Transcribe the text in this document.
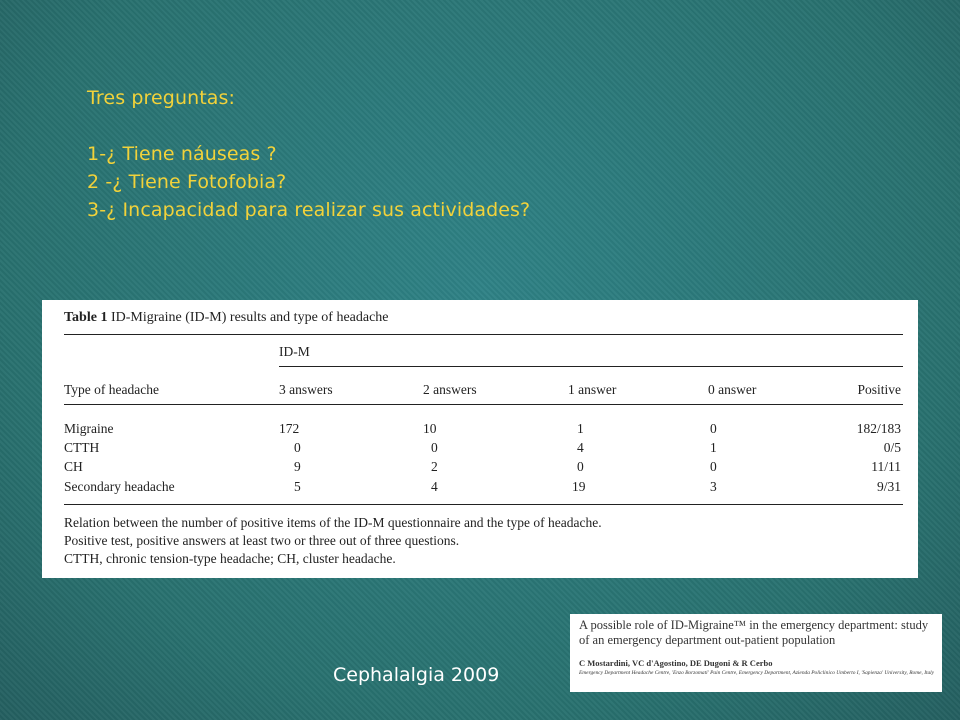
Tres preguntas:
1-¿ Tiene náuseas ?
2 -¿ Tiene Fotofobia?
3-¿ Incapacidad para realizar sus actividades?
Table 1 ID-Migraine (ID-M) results and type of headache
ID-M
Type of headache	3 answers	2 answers	1 answer	0 answer	Positive
Migraine	172	10	1	0	182/183
CTTH	0	0	4	1	0/5
CH	9	2	0	0	11/11
Secondary headache	5	4	19	3	9/31
Relation between the number of positive items of the ID-M questionnaire and the type of headache.
Positive test, positive answers at least two or three out of three questions.
CTTH, chronic tension-type headache; CH, cluster headache.
A possible role of ID-Migraine™ in the emergency department: study of an emergency department out-patient population
C Mostardini, VC d'Agostino, DE Dugoni & R Cerbo
Emergency Department Headache Centre, 'Enzo Borzomati' Pain Centre, Emergency Department, Azienda Policlinico Umberto I, 'Sapienza' University, Rome, Italy
Cephalalgia 2009
